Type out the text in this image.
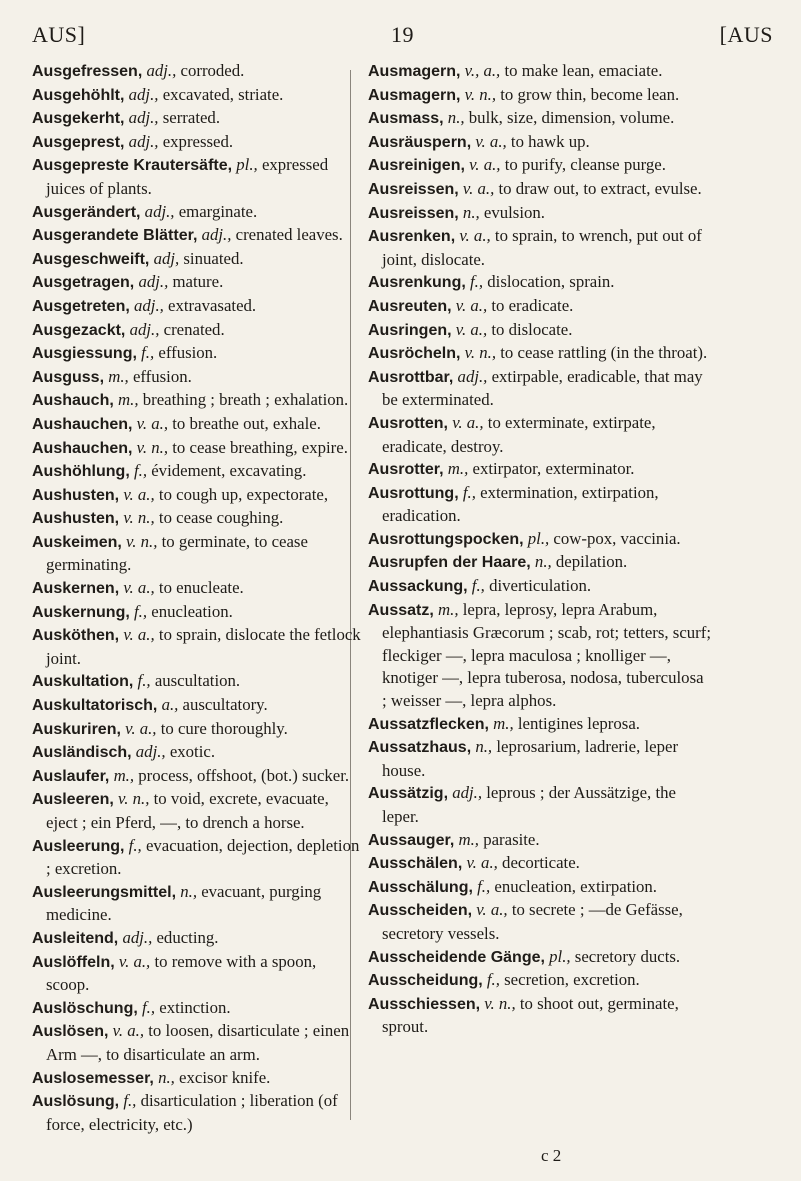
AUS]	19	[AUS

Ausgefressen, adj., corroded.

Ausgehöhlt, adj., excavated, striate.

Ausgekerht, adj., serrated.

Ausgeprest, adj., expressed.

Ausgepreste Krautersäfte, pl., expressed juices of plants.

Ausgerändert, adj., emarginate.

Ausgerandete Blätter, adj., crenated leaves.

Ausgeschweift, adj, sinuated.

Ausgetragen, adj., mature.

Ausgetreten, adj., extravasated.

Ausgezackt, adj., crenated.

Ausgiessung, f., effusion.

Ausguss, m., effusion.

Aushauch, m., breathing ; breath ; exhalation.

Aushauchen, v. a., to breathe out, exhale.

Aushauchen, v. n., to cease breathing, expire.

Aushöhlung, f., évidement, excavating.

Aushusten, v. a., to cough up, expectorate,

Aushusten, v. n., to cease coughing.

Auskeimen, v. n., to germinate, to cease germinating.

Auskernen, v. a., to enucleate.

Auskernung, f., enucleation.

Ausköthen, v. a., to sprain, dislocate the fetlock joint.

Auskultation, f., auscultation.

Auskultatorisch, a., auscultatory.

Auskuriren, v. a., to cure thoroughly.

Ausländisch, adj., exotic.

Auslaufer, m., process, offshoot, (bot.) sucker.

Ausleeren, v. n., to void, excrete, evacuate, eject ; ein Pferd, —, to drench a horse.

Ausleerung, f., evacuation, dejection, depletion ; excretion.

Ausleerungsmittel, n., evacuant, purging medicine.

Ausleitend, adj., educting.

Auslöffeln, v. a., to remove with a spoon, scoop.

Auslöschung, f., extinction.

Auslösen, v. a., to loosen, disarticulate ; einen Arm —, to disarticulate an arm.

Auslosemesser, n., excisor knife.

Auslösung, f., disarticulation ; liberation (of force, electricity, etc.)

Ausmagern, v., a., to make lean, emaciate.

Ausmagern, v. n., to grow thin, become lean.

Ausmass, n., bulk, size, dimension, volume.

Ausräuspern, v. a., to hawk up.

Ausreinigen, v. a., to purify, cleanse purge.

Ausreissen, v. a., to draw out, to extract, evulse.

Ausreissen, n., evulsion.

Ausrenken, v. a., to sprain, to wrench, put out of joint, dislocate.

Ausrenkung, f., dislocation, sprain.

Ausreuten, v. a., to eradicate.

Ausringen, v. a., to dislocate.

Ausröcheln, v. n., to cease rattling (in the throat).

Ausrottbar, adj., extirpable, eradicable, that may be exterminated.

Ausrotten, v. a., to exterminate, extirpate, eradicate, destroy.

Ausrotter, m., extirpator, exterminator.

Ausrottung, f., extermination, extirpation, eradication.

Ausrottungspocken, pl., cow-pox, vaccinia.

Ausrupfen der Haare, n., depilation.

Aussackung, f., diverticulation.

Aussatz, m., lepra, leprosy, lepra Arabum, elephantiasis Græcorum ; scab, rot; tetters, scurf; fleckiger —, lepra maculosa ; knolliger —, knotiger —, lepra tuberosa, nodosa, tuberculosa ; weisser —, lepra alphos.

Aussatzflecken, m., lentigines leprosa.

Aussatzhaus, n., leprosarium, ladrerie, leper house.

Aussätzig, adj., leprous ; der Aussätzige, the leper.

Aussauger, m., parasite.

Ausschälen, v. a., decorticate.

Ausschälung, f., enucleation, extirpation.

Ausscheiden, v. a., to secrete ; —de Gefässe, secretory vessels.

Ausscheidende Gänge, pl., secretory ducts.

Ausscheidung, f., secretion, excretion.

Ausschiessen, v. n., to shoot out, germinate, sprout.

c 2
